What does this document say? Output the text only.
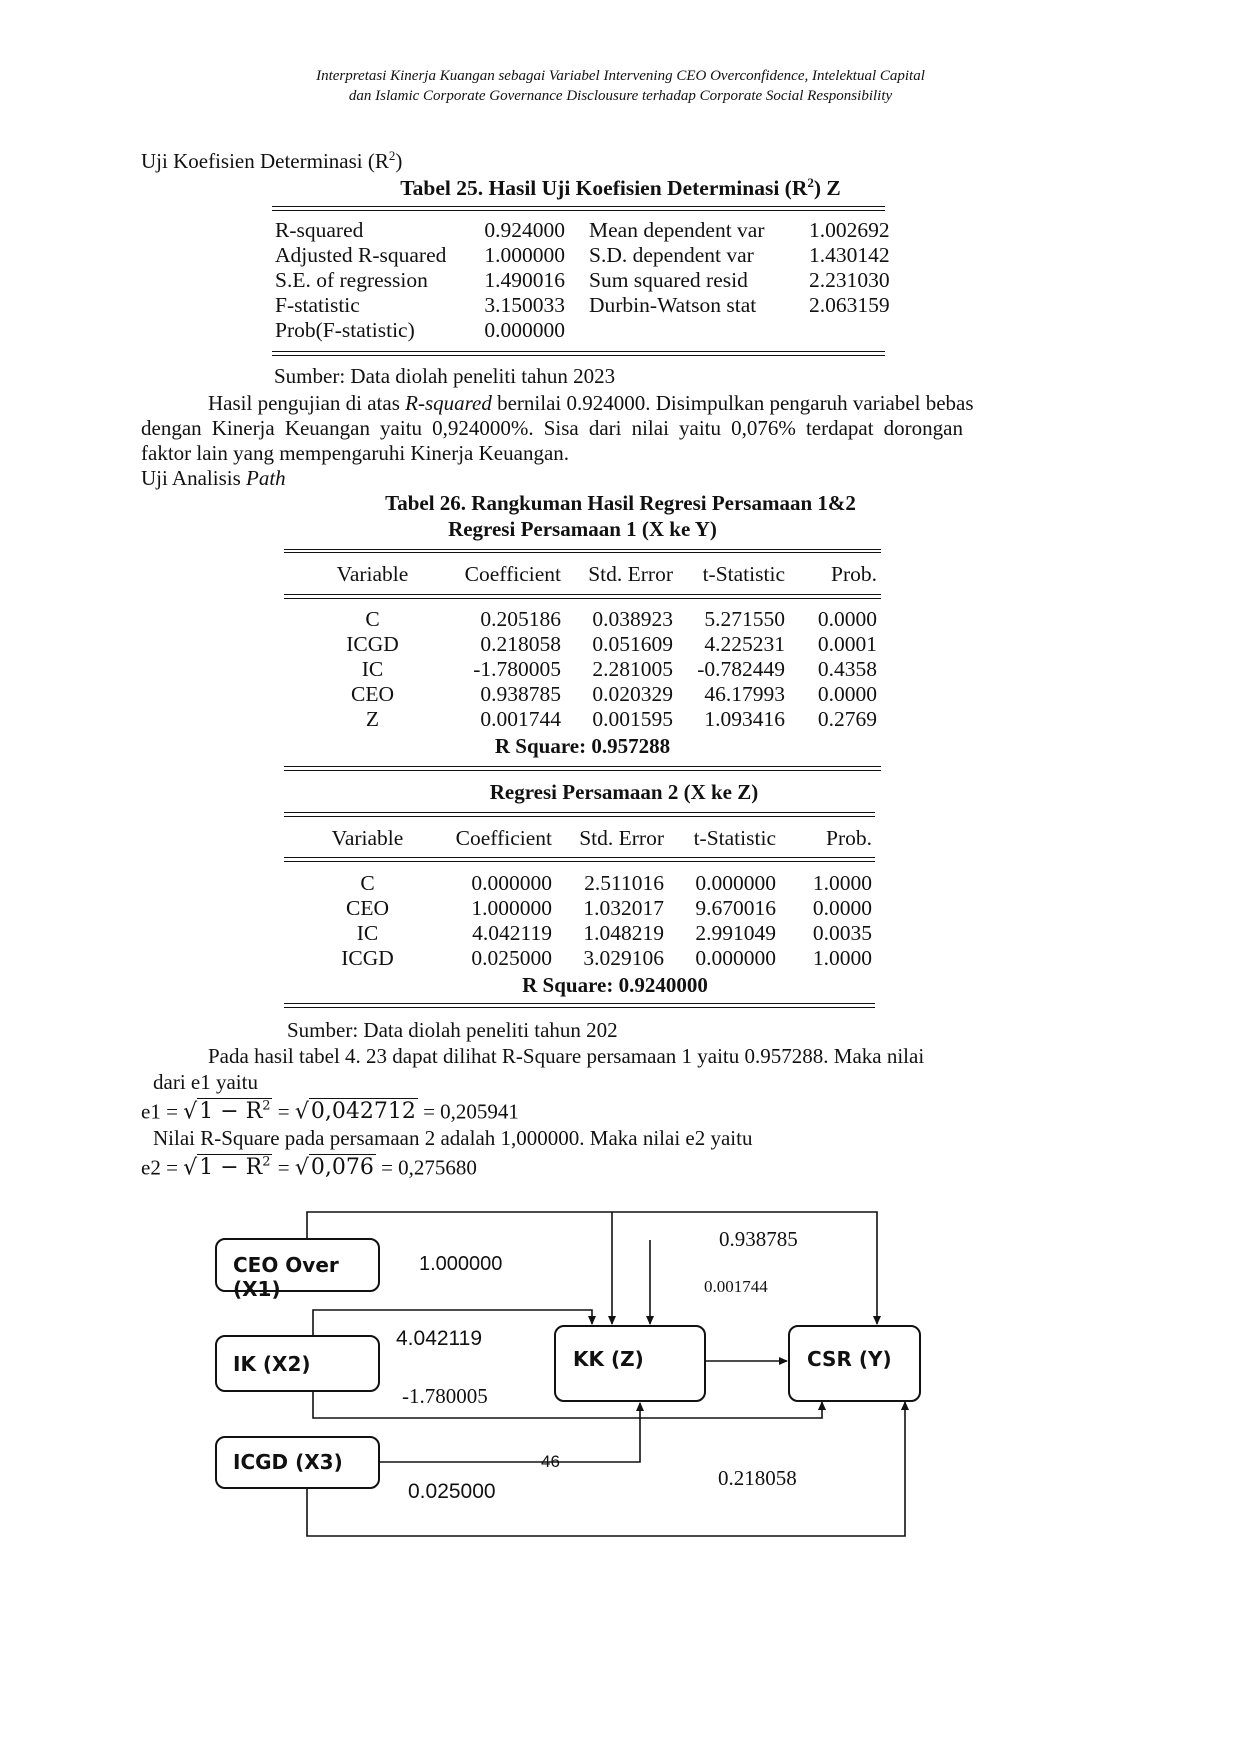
Interpretasi Kinerja Kuangan sebagai Variabel Intervening CEO Overconfidence, Intelektual Capital
dan Islamic Corporate Governance Disclousure terhadap Corporate Social Responsibility
Uji Koefisien Determinasi $(R^2)$
Tabel 25. Hasil Uji Koefisien Determinasi $(R^2)$ Z
R-squared	0.924000	Mean dependent var	1.002692
Adjusted R-squared	1.000000	S.D. dependent var	1.430142
S.E. of regression	1.490016	Sum squared resid	2.231030
F-statistic	3.150033	Durbin-Watson stat	2.063159
Prob(F-statistic)	0.000000		
Sumber: Data diolah peneliti tahun 2023
Hasil pengujian di atas R-squared bernilai 0.924000. Disimpulkan pengaruh variabel bebas
dengan Kinerja Keuangan yaitu 0,924000%. Sisa dari nilai yaitu 0,076% terdapat dorongan
faktor lain yang mempengaruhi Kinerja Keuangan.
Uji Analisis Path
Tabel 26. Rangkuman Hasil Regresi Persamaan 1&2
Regresi Persamaan 1 (X ke Y)
Variable	Coefficient	Std. Error	t-Statistic	Prob.
C	0.205186	0.038923	5.271550	0.0000
ICGD	0.218058	0.051609	4.225231	0.0001
IC	-1.780005	2.281005	-0.782449	0.4358
CEO	0.938785	0.020329	46.17993	0.0000
Z	0.001744	0.001595	1.093416	0.2769
R Square: 0.957288
Regresi Persamaan 2 (X ke Z)
Variable	Coefficient	Std. Error	t-Statistic	Prob.
C	0.000000	2.511016	0.000000	1.0000
CEO	1.000000	1.032017	9.670016	0.0000
IC	4.042119	1.048219	2.991049	0.0035
ICGD	0.025000	3.029106	0.000000	1.0000
R Square: 0.9240000
Sumber: Data diolah peneliti tahun 202
Pada hasil tabel 4. 23 dapat dilihat R-Square persamaan 1 yaitu 0.957288. Maka nilai
dari e1 yaitu
$e1 = √1 - R^2 = √0,042712 = 0,205941$
Nilai R-Square pada persamaan 2 adalah 1,000000. Maka nilai e2 yaitu
$e2 = √1 - R^2 = √0,076 = 0,275680$
CEO Over (X1)
IK (X2)
ICGD (X3)
KK (Z)	CSR (Y)
1.000000
4.042119
-1.780005
0.025000
0.938785
0.001744
0.218058
46
